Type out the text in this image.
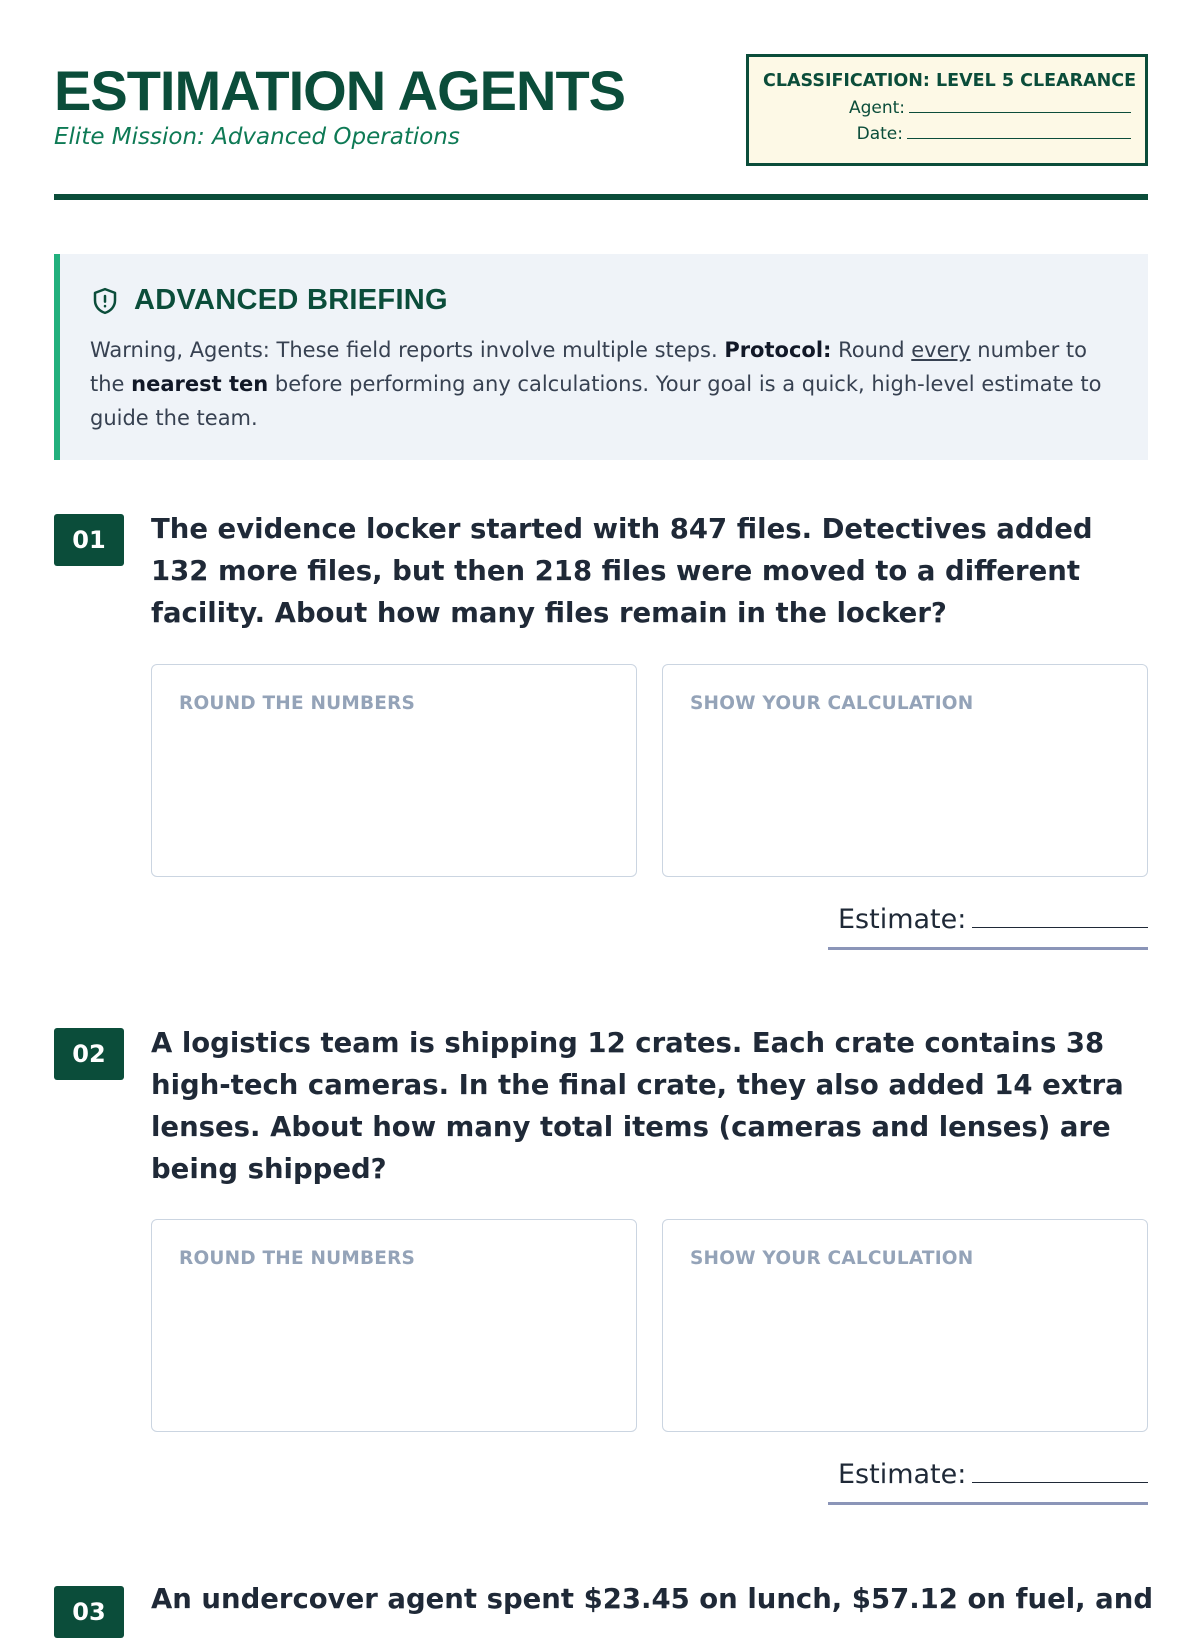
ESTIMATION AGENTS
Elite Mission: Advanced Operations
CLASSIFICATION: LEVEL 5 CLEARANCE
Agent:
Date:
ADVANCED BRIEFING

Warning, Agents: These field reports involve multiple steps. Protocol: Round every number to the nearest ten before performing any calculations. Your goal is a quick, high-level estimate to guide the team.

01	The evidence locker started with 847 files. Detectives added 132 more files, but then 218 files were moved to a different facility. About how many files remain in the locker?
ROUND THE NUMBERS	SHOW YOUR CALCULATION
Estimate:
02	A logistics team is shipping 12 crates. Each crate contains 38 high-tech cameras. In the final crate, they also added 14 extra lenses. About how many total items (cameras and lenses) are being shipped?
ROUND THE NUMBERS	SHOW YOUR CALCULATION
Estimate:
03	An undercover agent spent $23.45 on lunch, $57.12 on fuel, and
